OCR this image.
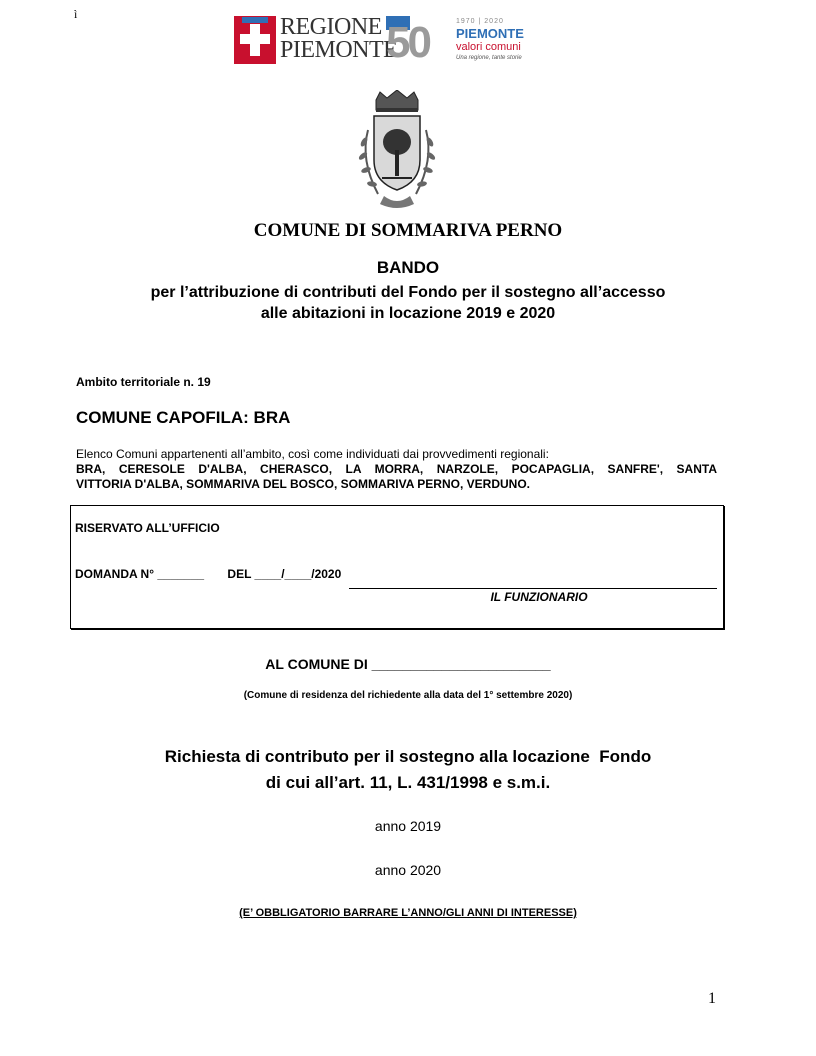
ì	REGIONE
PIEMONTE
50	1970 | 2020
PIEMONTE
valori comuni
Una regione, tante storie
COMUNE DI SOMMARIVA PERNO
BANDO
per l’attribuzione di contributi del Fondo per il sostegno all’accesso
alle abitazioni in locazione 2019 e 2020
Ambito territoriale n. 19
COMUNE CAPOFILA: BRA
Elenco Comuni appartenenti all’ambito, così come individuati dai provvedimenti regionali:
BRA, CERESOLE D'ALBA, CHERASCO, LA MORRA, NARZOLE, POCAPAGLIA, SANFRE', SANTA
VITTORIA D'ALBA, SOMMARIVA DEL BOSCO, SOMMARIVA PERNO, VERDUNO.
RISERVATO ALL’UFFICIO
DOMANDA N° _______       DEL ____/____/2020
IL FUNZIONARIO
AL COMUNE DI _______________________
(Comune di residenza del richiedente alla data del 1° settembre 2020)
Richiesta di contributo per il sostegno alla locazione  Fondo
di cui all’art. 11, L. 431/1998 e s.m.i.
anno 2019
anno 2020
(E’ OBBLIGATORIO BARRARE L’ANNO/GLI ANNI DI INTERESSE)
1
